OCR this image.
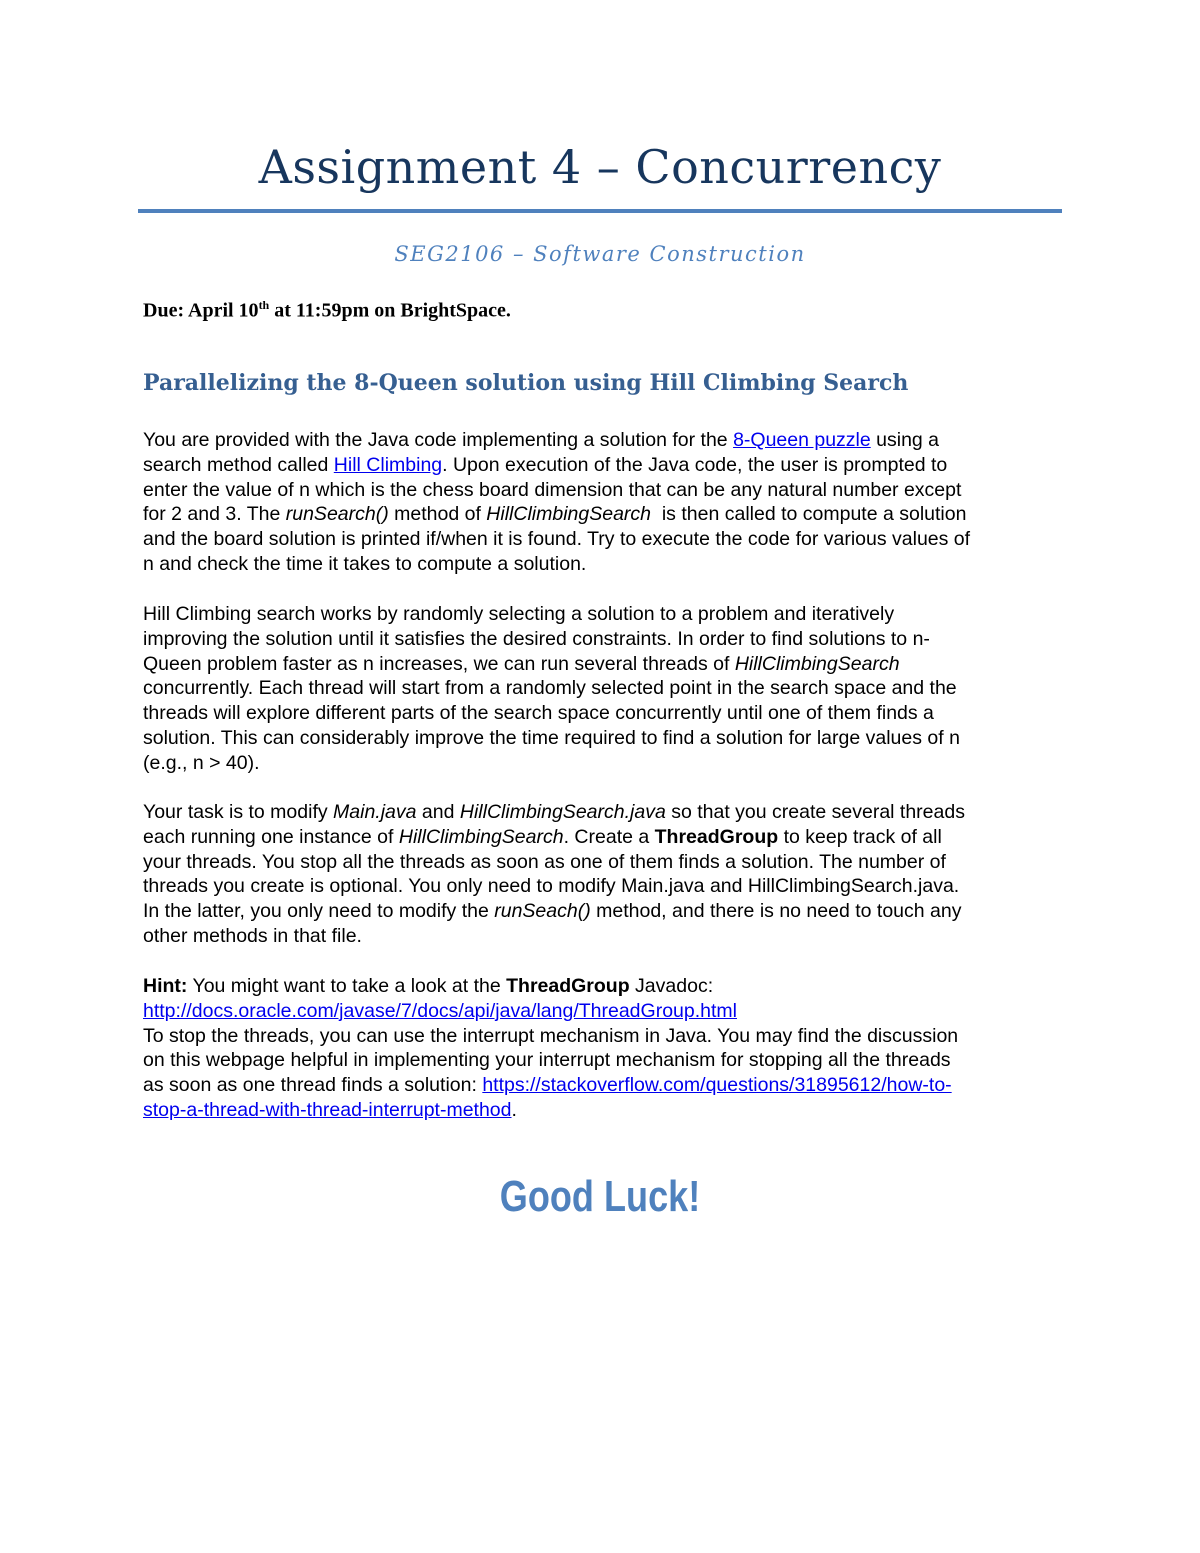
Assignment 4 – Concurrency
SEG2106 – Software Construction
Due: April 10th at 11:59pm on BrightSpace.
Parallelizing the 8-Queen solution using Hill Climbing Search
You are provided with the Java code implementing a solution for the 8-Queen puzzle using a
search method called Hill Climbing. Upon execution of the Java code, the user is prompted to
enter the value of n which is the chess board dimension that can be any natural number except
for 2 and 3. The runSearch() method of HillClimbingSearch  is then called to compute a solution
and the board solution is printed if/when it is found. Try to execute the code for various values of
n and check the time it takes to compute a solution.
Hill Climbing search works by randomly selecting a solution to a problem and iteratively
improving the solution until it satisfies the desired constraints. In order to find solutions to n-
Queen problem faster as n increases, we can run several threads of HillClimbingSearch
concurrently. Each thread will start from a randomly selected point in the search space and the
threads will explore different parts of the search space concurrently until one of them finds a
solution. This can considerably improve the time required to find a solution for large values of n
(e.g., n > 40).
Your task is to modify Main.java and HillClimbingSearch.java so that you create several threads
each running one instance of HillClimbingSearch. Create a ThreadGroup to keep track of all
your threads. You stop all the threads as soon as one of them finds a solution. The number of
threads you create is optional. You only need to modify Main.java and HillClimbingSearch.java.
In the latter, you only need to modify the runSeach() method, and there is no need to touch any
other methods in that file.
Hint: You might want to take a look at the ThreadGroup Javadoc:
http://docs.oracle.com/javase/7/docs/api/java/lang/ThreadGroup.html
To stop the threads, you can use the interrupt mechanism in Java. You may find the discussion
on this webpage helpful in implementing your interrupt mechanism for stopping all the threads
as soon as one thread finds a solution: https://stackoverflow.com/questions/31895612/how-to-
stop-a-thread-with-thread-interrupt-method.
Good Luck!
